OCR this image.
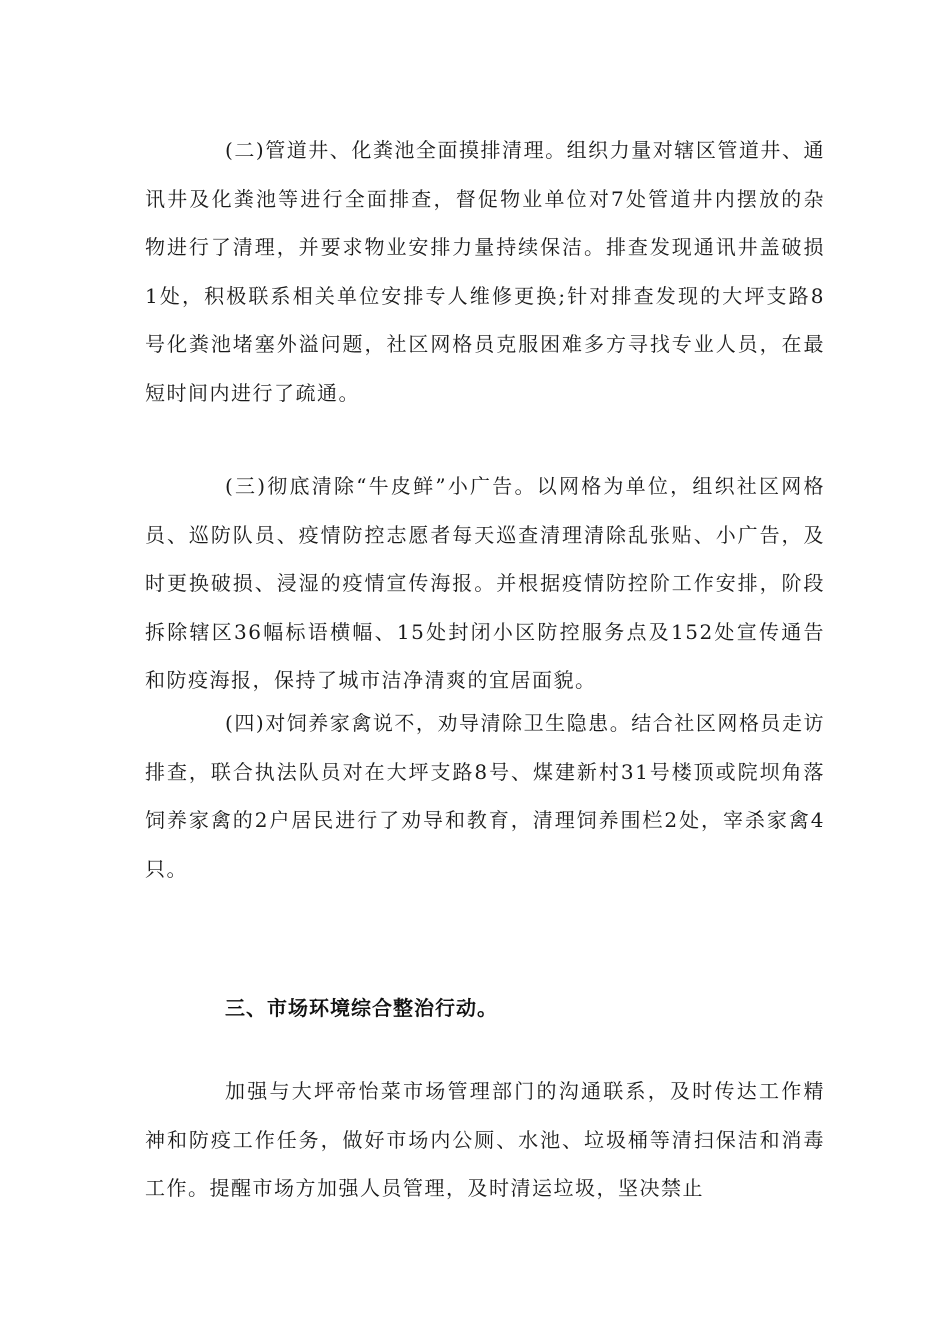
(二)管道井、化粪池全面摸排清理。组织力量对辖区管道井、通讯井及化粪池等进行全面排查，督促物业单位对7处管道井内摆放的杂物进行了清理，并要求物业安排力量持续保洁。排查发现通讯井盖破损1处，积极联系相关单位安排专人维修更换;针对排查发现的大坪支路8号化粪池堵塞外溢问题，社区网格员克服困难多方寻找专业人员，在最短时间内进行了疏通。

(三)彻底清除“牛皮鲜”小广告。以网格为单位，组织社区网格员、巡防队员、疫情防控志愿者每天巡查清理清除乱张贴、小广告，及时更换破损、浸湿的疫情宣传海报。并根据疫情防控阶工作安排，阶段拆除辖区36幅标语横幅、15处封闭小区防控服务点及152处宣传通告和防疫海报，保持了城市洁净清爽的宜居面貌。

(四)对饲养家禽说不，劝导清除卫生隐患。结合社区网格员走访排查，联合执法队员对在大坪支路8号、煤建新村31号楼顶或院坝角落饲养家禽的2户居民进行了劝导和教育，清理饲养围栏2处，宰杀家禽4只。

三、市场环境综合整治行动。

加强与大坪帝怡菜市场管理部门的沟通联系，及时传达工作精神和防疫工作任务，做好市场内公厕、水池、垃圾桶等清扫保洁和消毒工作。提醒市场方加强人员管理，及时清运垃圾，坚决禁止
